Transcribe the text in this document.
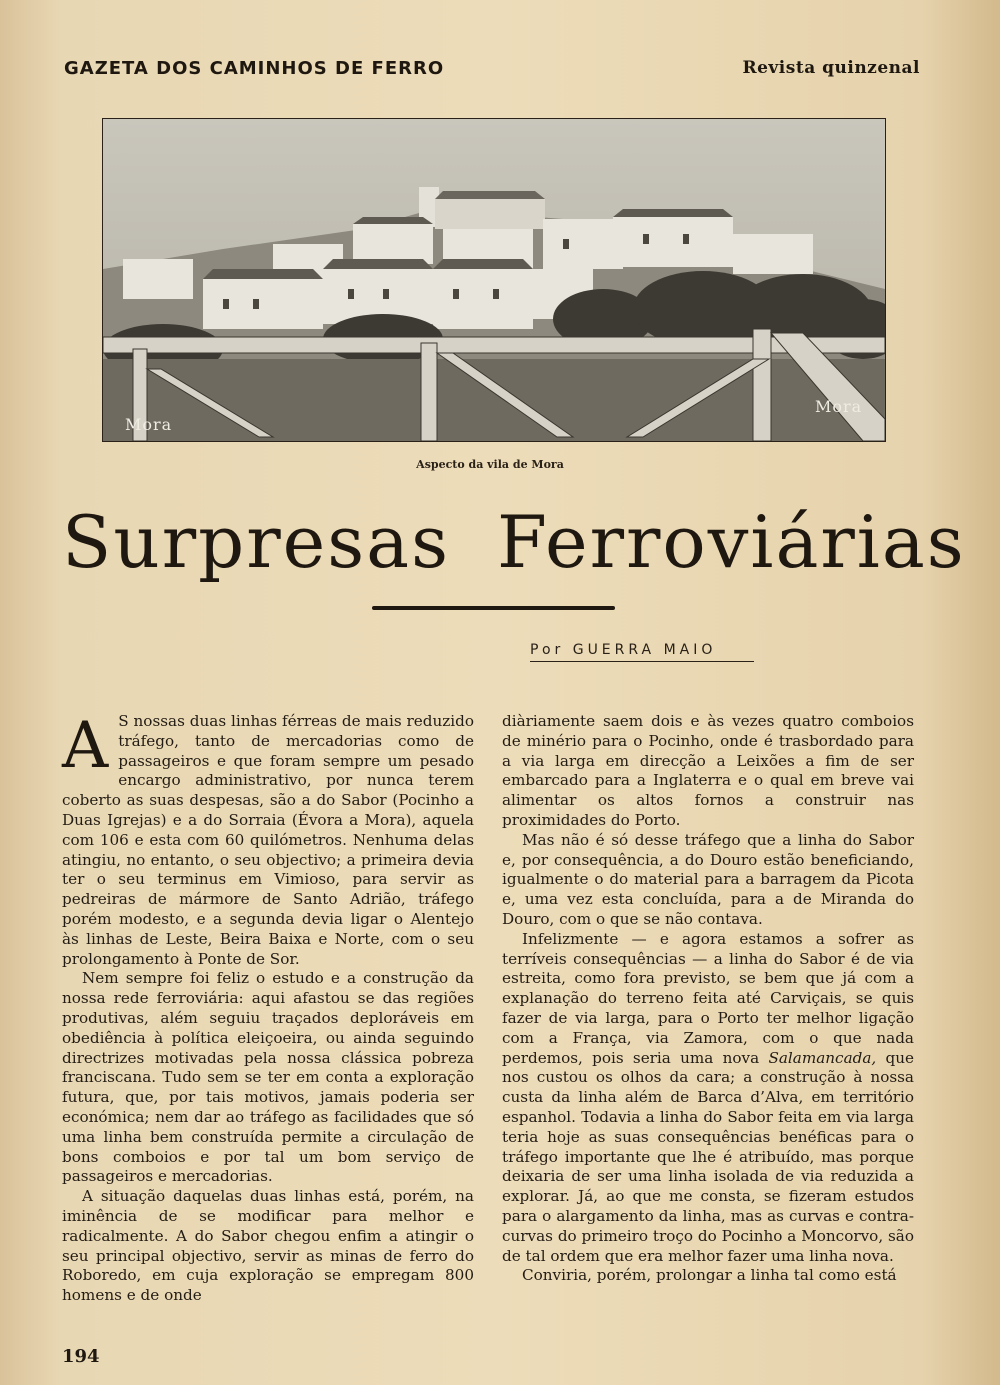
GAZETA DOS CAMINHOS DE FERRO	Revista quinzenal
Mora
Mora
Aspecto da vila de Mora
Surpresas Ferroviárias
Por GUERRA MAIO

A S nossas duas linhas férreas de mais reduzido tráfego, tanto de mercadorias como de passageiros e que foram sempre um pesado encargo administrativo, por nunca terem coberto as suas despesas, são a do Sabor (Pocinho a Duas Igrejas) e a do Sorraia (Évora a Mora), aquela com 106 e esta com 60 quilómetros. Nenhuma delas atingiu, no entanto, o seu objectivo; a primeira devia ter o seu terminus em Vimioso, para servir as pedreiras de mármore de Santo Adrião, tráfego porém modesto, e a segunda devia ligar o Alentejo às linhas de Leste, Beira Baixa e Norte, com o seu prolongamento à Ponte de Sor.

Nem sempre foi feliz o estudo e a construção da nossa rede ferroviária: aqui afastou se das regiões produtivas, além seguiu traçados deploráveis em obediência à política eleiçoeira, ou ainda seguindo directrizes motivadas pela nossa clássica pobreza franciscana. Tudo sem se ter em conta a exploração futura, que, por tais motivos, jamais poderia ser económica; nem dar ao tráfego as facilidades que só uma linha bem construída permite a circulação de bons comboios e por tal um bom serviço de passageiros e mercadorias.

A situação daquelas duas linhas está, porém, na iminência de se modificar para melhor e radicalmente. A do Sabor chegou enfim a atingir o seu principal objectivo, servir as minas de ferro do Roboredo, em cuja exploração se empregam 800 homens e de onde

diàriamente saem dois e às vezes quatro comboios de minério para o Pocinho, onde é trasbordado para a via larga em direcção a Leixões a fim de ser embarcado para a Inglaterra e o qual em breve vai alimentar os altos fornos a construir nas proximidades do Porto.

Mas não é só desse tráfego que a linha do Sabor e, por consequência, a do Douro estão beneficiando, igualmente o do material para a barragem da Picota e, uma vez esta concluída, para a de Miranda do Douro, com o que se não contava.

Infelizmente — e agora estamos a sofrer as terríveis consequências — a linha do Sabor é de via estreita, como fora previsto, se bem que já com a explanação do terreno feita até Carviçais, se quis fazer de via larga, para o Porto ter melhor ligação com a França, via Zamora, com o que nada perdemos, pois seria uma nova Salamancada, que nos custou os olhos da cara; a construção à nossa custa da linha além de Barca d’Alva, em território espanhol. Todavia a linha do Sabor feita em via larga teria hoje as suas consequências benéficas para o tráfego importante que lhe é atribuído, mas porque deixaria de ser uma linha isolada de via reduzida a explorar. Já, ao que me consta, se fizeram estudos para o alargamento da linha, mas as curvas e contra-curvas do primeiro troço do Pocinho a Moncorvo, são de tal ordem que era melhor fazer uma linha nova.

Conviria, porém, prolongar a linha tal como está

194
